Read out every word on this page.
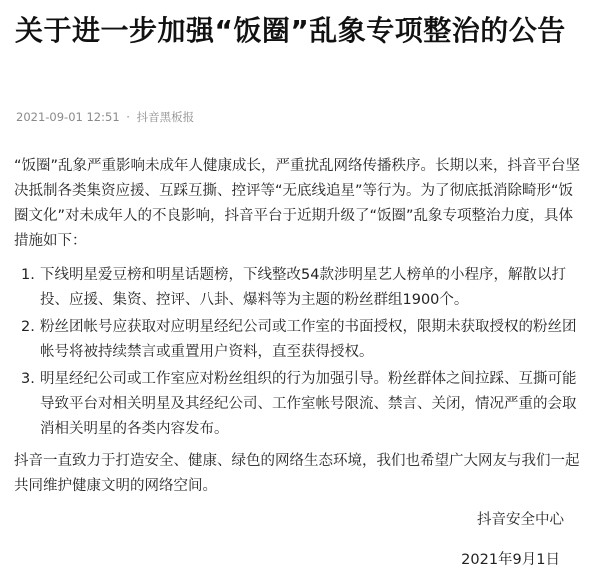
关于进一步加强“饭圈”乱象专项整治的公告
2021-09-01 12:51 · 抖音黑板报

“饭圈”乱象严重影响未成年人健康成长，严重扰乱网络传播秩序。长期以来，抖音平台坚决抵制各类集资应援、互踩互撕、控评等“无底线追星”等行为。为了彻底抵消除畸形“饭圈文化”对未成年人的不良影响，抖音平台于近期升级了“饭圈”乱象专项整治力度，具体措施如下：

1. 下线明星爱豆榜和明星话题榜，下线整改54款涉明星艺人榜单的小程序，解散以打投、应援、集资、控评、八卦、爆料等为主题的粉丝群组1900个。
2. 粉丝团帐号应获取对应明星经纪公司或工作室的书面授权，限期未获取授权的粉丝团帐号将被持续禁言或重置用户资料，直至获得授权。
3. 明星经纪公司或工作室应对粉丝组织的行为加强引导。粉丝群体之间拉踩、互撕可能导致平台对相关明星及其经纪公司、工作室帐号限流、禁言、关闭，情况严重的会取消相关明星的各类内容发布。

抖音一直致力于打造安全、健康、绿色的网络生态环境，我们也希望广大网友与我们一起共同维护健康文明的网络空间。

抖音安全中心
2021年9月1日
